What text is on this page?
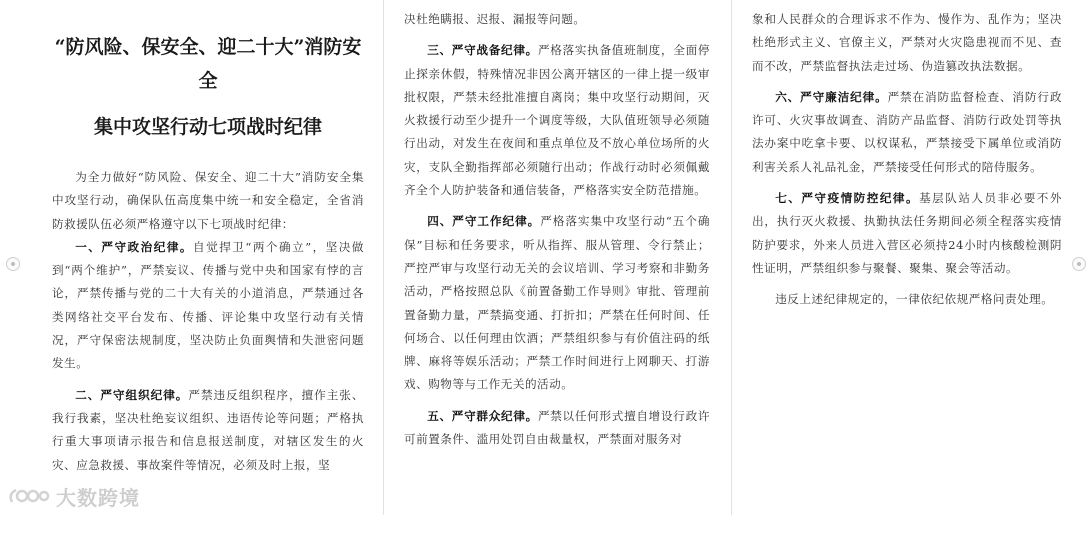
“防风险、保安全、迎二十大”消防安

全

集中攻坚行动七项战时纪律

为全力做好“防风险、保安全、迎二十大”消防安全集中攻坚行动，确保队伍高度集中统一和安全稳定，全省消防救援队伍必须严格遵守以下七项战时纪律：

一、严守政治纪律。自觉捍卫“两个确立”，坚决做到“两个维护”，严禁妄议、传播与党中央和国家有悖的言论，严禁传播与党的二十大有关的小道消息，严禁通过各类网络社交平台发布、传播、评论集中攻坚行动有关情况，严守保密法规制度，坚决防止负面舆情和失泄密问题发生。

二、严守组织纪律。严禁违反组织程序，擅作主张、我行我素，坚决杜绝妄议组织、违语传论等问题；严格执行重大事项请示报告和信息报送制度，对辖区发生的火灾、应急救援、事故案件等情况，必须及时上报，坚

决杜绝瞒报、迟报、漏报等问题。

三、严守战备纪律。严格落实执备值班制度，全面停止探亲休假，特殊情况非因公离开辖区的一律上提一级审批权限，严禁未经批准擅自离岗；集中攻坚行动期间，灭火救援行动至少提升一个调度等级，大队值班领导必须随行出动，对发生在夜间和重点单位及不放心单位场所的火灾，支队全勤指挥部必须随行出动；作战行动时必须佩戴齐全个人防护装备和通信装备，严格落实安全防范措施。

四、严守工作纪律。严格落实集中攻坚行动“五个确保”目标和任务要求，听从指挥、服从管理、令行禁止；严控严审与攻坚行动无关的会议培训、学习考察和非勤务活动，严格按照总队《前置备勤工作导则》审批、管理前置备勤力量，严禁搞变通、打折扣；严禁在任何时间、任何场合、以任何理由饮酒；严禁组织参与有价值注码的纸牌、麻将等娱乐活动；严禁工作时间进行上网聊天、打游戏、购物等与工作无关的活动。

五、严守群众纪律。严禁以任何形式擅自增设行政许可前置条件、滥用处罚自由裁量权，严禁面对服务对

象和人民群众的合理诉求不作为、慢作为、乱作为；坚决杜绝形式主义、官僚主义，严禁对火灾隐患视而不见、查而不改，严禁监督执法走过场、伪造篡改执法数据。

六、严守廉洁纪律。严禁在消防监督检查、消防行政许可、火灾事故调查、消防产品监督、消防行政处罚等执法办案中吃拿卡要、以权谋私，严禁接受下属单位或消防利害关系人礼品礼金，严禁接受任何形式的陪侍服务。

七、严守疫情防控纪律。基层队站人员非必要不外出，执行灭火救援、执勤执法任务期间必须全程落实疫情防护要求，外来人员进入营区必须持24小时内核酸检测阴性证明，严禁组织参与聚餐、聚集、聚会等活动。

违反上述纪律规定的，一律依纪依规严格问责处理。

大数跨境
